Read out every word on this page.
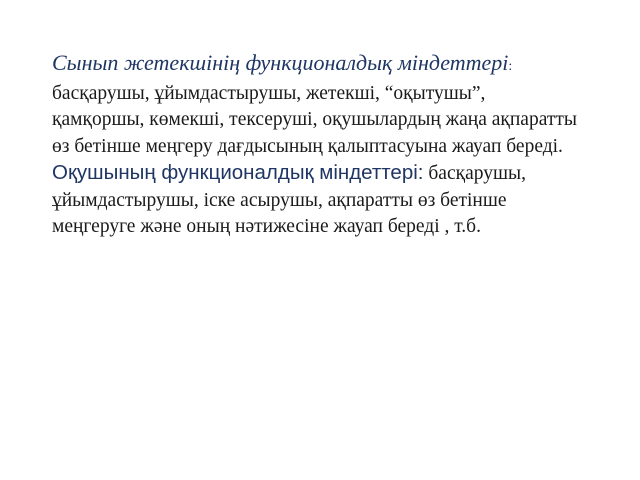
Сынып жетекшінің функционалдық міндеттері: басқарушы, ұйымдастырушы, жетекші, “оқытушы”, қамқоршы, көмекші, тексеруші, оқушылардың жаңа ақпаратты өз бетінше меңгеру дағдысының қалыптасуына жауап береді.

Оқушының функционалдық міндеттері: басқарушы, ұйымдастырушы, іске асырушы, ақпаратты өз бетінше меңгеруге және оның нәтижесіне жауап береді , т.б.
